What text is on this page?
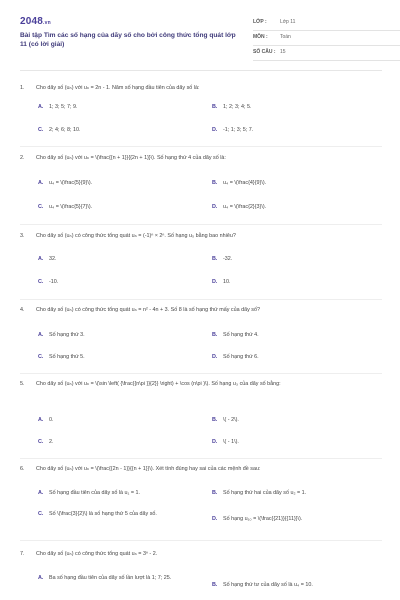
2048.vn
Bài tập Tìm các số hạng của dãy số cho bởi công thức tổng quát lớp 11 (có lời giải)
LỚP :	Lớp 11
MÔN : Toán
SỐ CÂU : 15
1.	Cho dãy số (uₙ) với uₙ = 2n - 1. Năm số hạng đầu tiên của dãy số là:
A. 1; 3; 5; 7; 9.	B. 1; 2; 3; 4; 5.
C. 2; 4; 6; 8; 10.	D. -1; 1; 3; 5; 7.
2.	Cho dãy số (uₙ) với uₙ = \(\frac{{n + 1}}{{2n + 1}}\). Số hạng thứ 4 của dãy số là:
A. u₄ = \(\frac{5}{9}\).	B. u₄ = \(\frac{4}{9}\).
C. u₄ = \(\frac{5}{7}\).	D. u₄ = \(\frac{2}{3}\).
3.	Cho dãy số (uₙ) có công thức tổng quát uₙ = (-1)ⁿ × 2ⁿ. Số hạng u₅ bằng bao nhiêu?
A. 32.	B. -32.
C. -10.	D. 10.
4.	Cho dãy số (uₙ) có công thức tổng quát uₙ = n² - 4n + 3. Số 8 là số hạng thứ mấy của dãy số?
A. Số hạng thứ 3.	B. Số hạng thứ 4.
C. Số hạng thứ 5.	D. Số hạng thứ 6.
5.	Cho dãy số (uₙ) với uₙ = \(\sin \left( {\frac{{n\pi }}{2}} \right) + \cos (n\pi )\). Số hạng u₃ của dãy số bằng:
A. 0.	B. \( - 2\).
C. 2.	D. \( - 1\).
6.	Cho dãy số (uₙ) với uₙ = \(\frac{{2n - 1}}{{n + 1}}\). Xét tính đúng hay sai của các mệnh đề sau:
A. Số hạng đầu tiên của dãy số là u₁ = 1.	B. Số hạng thứ hai của dãy số u₂ = 1.
C. Số \(\frac{3}{2}\) là số hạng thứ 5 của dãy số.
D. Số hạng u₁₀ = \(\frac{{21}}{{11}}\).
7.	Cho dãy số (uₙ) có công thức tổng quát uₙ = 3ⁿ - 2.
A. Ba số hạng đầu tiên của dãy số lần lượt là 1; 7; 25.
B. Số hạng thứ tư của dãy số là u₄ = 10.
